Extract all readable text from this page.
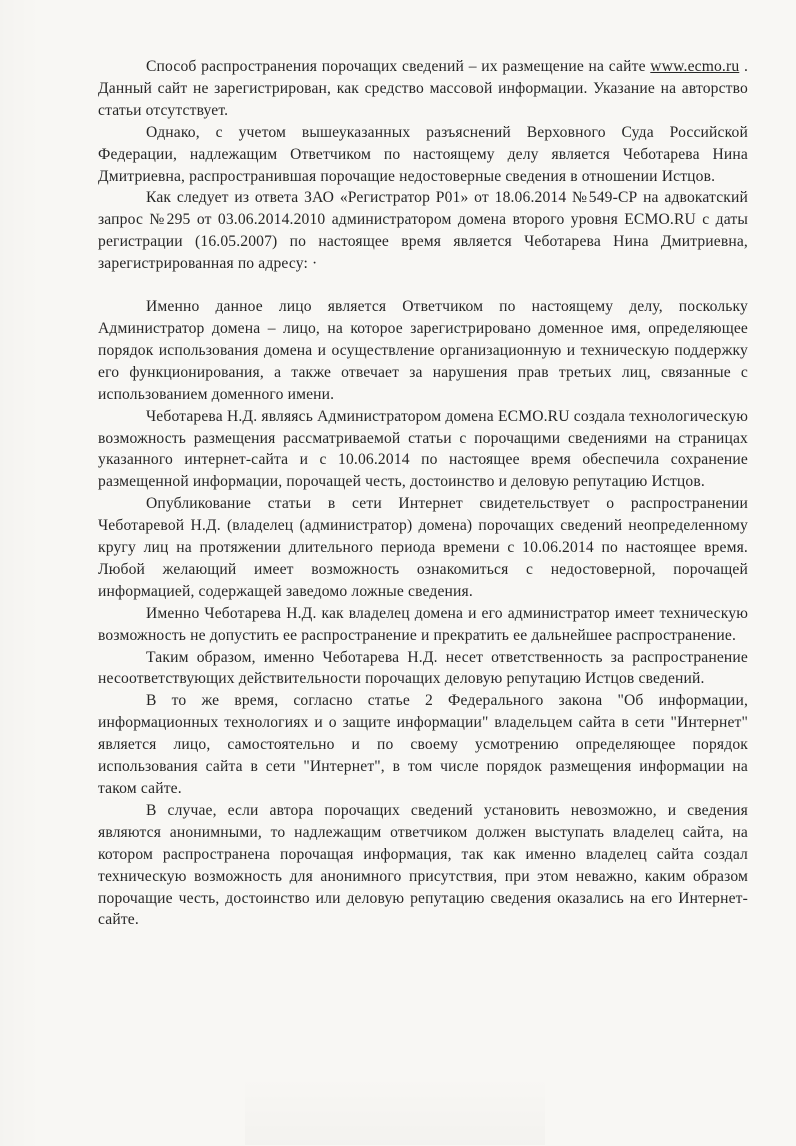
Способ распространения порочащих сведений – их размещение на сайте www.ecmo.ru . Данный сайт не зарегистрирован, как средство массовой информации. Указание на авторство статьи отсутствует.

Однако, с учетом вышеуказанных разъяснений Верховного Суда Российской Федерации, надлежащим Ответчиком по настоящему делу является Чеботарева Нина Дмитриевна, распространившая порочащие недостоверные сведения в отношении Истцов.

Как следует из ответа ЗАО «Регистратор Р01» от 18.06.2014 №549-СР на адвокатский запрос №295 от 03.06.2014.2010 администратором домена второго уровня ECMO.RU с даты регистрации (16.05.2007) по настоящее время является Чеботарева Нина Дмитриевна, зарегистрированная по адресу: ·

Именно данное лицо является Ответчиком по настоящему делу, поскольку Администратор домена – лицо, на которое зарегистрировано доменное имя, определяющее порядок использования домена и осуществление организационную и техническую поддержку его функционирования, а также отвечает за нарушения прав третьих лиц, связанные с использованием доменного имени.

Чеботарева Н.Д. являясь Администратором домена ECMO.RU создала технологическую возможность размещения рассматриваемой статьи с порочащими сведениями на страницах указанного интернет-сайта и с 10.06.2014 по настоящее время обеспечила сохранение размещенной информации, порочащей честь, достоинство и деловую репутацию Истцов.

Опубликование статьи в сети Интернет свидетельствует о распространении Чеботаревой Н.Д. (владелец (администратор) домена) порочащих сведений неопределенному кругу лиц на протяжении длительного периода времени с 10.06.2014 по настоящее время. Любой желающий имеет возможность ознакомиться с недостоверной, порочащей информацией, содержащей заведомо ложные сведения.

Именно Чеботарева Н.Д. как владелец домена и его администратор имеет техническую возможность не допустить ее распространение и прекратить ее дальнейшее распространение.

Таким образом, именно Чеботарева Н.Д. несет ответственность за распространение несоответствующих действительности порочащих деловую репутацию Истцов сведений.

В то же время, согласно статье 2 Федерального закона "Об информации, информационных технологиях и о защите информации" владельцем сайта в сети "Интернет" является лицо, самостоятельно и по своему усмотрению определяющее порядок использования сайта в сети "Интернет", в том числе порядок размещения информации на таком сайте.

В случае, если автора порочащих сведений установить невозможно, и сведения являются анонимными, то надлежащим ответчиком должен выступать владелец сайта, на котором распространена порочащая информация, так как именно владелец сайта создал техническую возможность для анонимного присутствия, при этом неважно, каким образом порочащие честь, достоинство или деловую репутацию сведения оказались на его Интернет-сайте.
